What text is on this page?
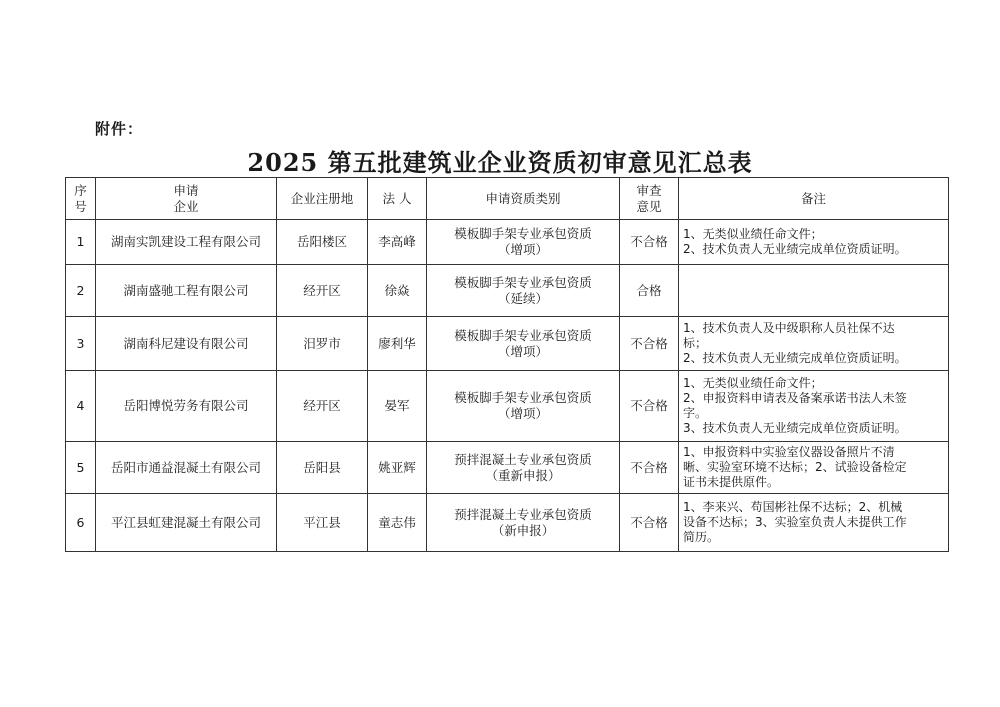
附件：
2025 第五批建筑业企业资质初审意见汇总表
序
号	申请
企业	企业注册地	法 人	申请资质类别	审查
意见	备注
1	湖南实凯建设工程有限公司	岳阳楼区	李高峰	模板脚手架专业承包资质
（增项）	不合格	1、无类似业绩任命文件；
2、技术负责人无业绩完成单位资质证明。

2	湖南盛驰工程有限公司	经开区	徐焱	模板脚手架专业承包资质
（延续）	合格	
3	湖南科尼建设有限公司	汨罗市	廖利华	模板脚手架专业承包资质
（增项）	不合格	1、技术负责人及中级职称人员社保不达
标；
2、技术负责人无业绩完成单位资质证明。

4	岳阳博悦劳务有限公司	经开区	晏军	模板脚手架专业承包资质
（增项）	不合格	1、无类似业绩任命文件；
2、申报资料申请表及备案承诺书法人未签
字。
3、技术负责人无业绩完成单位资质证明。

5	岳阳市通益混凝土有限公司	岳阳县	姚亚辉	预拌混凝土专业承包资质
（重新申报）	不合格	1、申报资料中实验室仪器设备照片不清
晰、实验室环境不达标；2、试验设备检定
证书未提供原件。

6	平江县虹建混凝土有限公司	平江县	童志伟	预拌混凝土专业承包资质
（新申报）	不合格	1、李来兴、苟国彬社保不达标；2、机械
设备不达标；3、实验室负责人未提供工作
简历。
